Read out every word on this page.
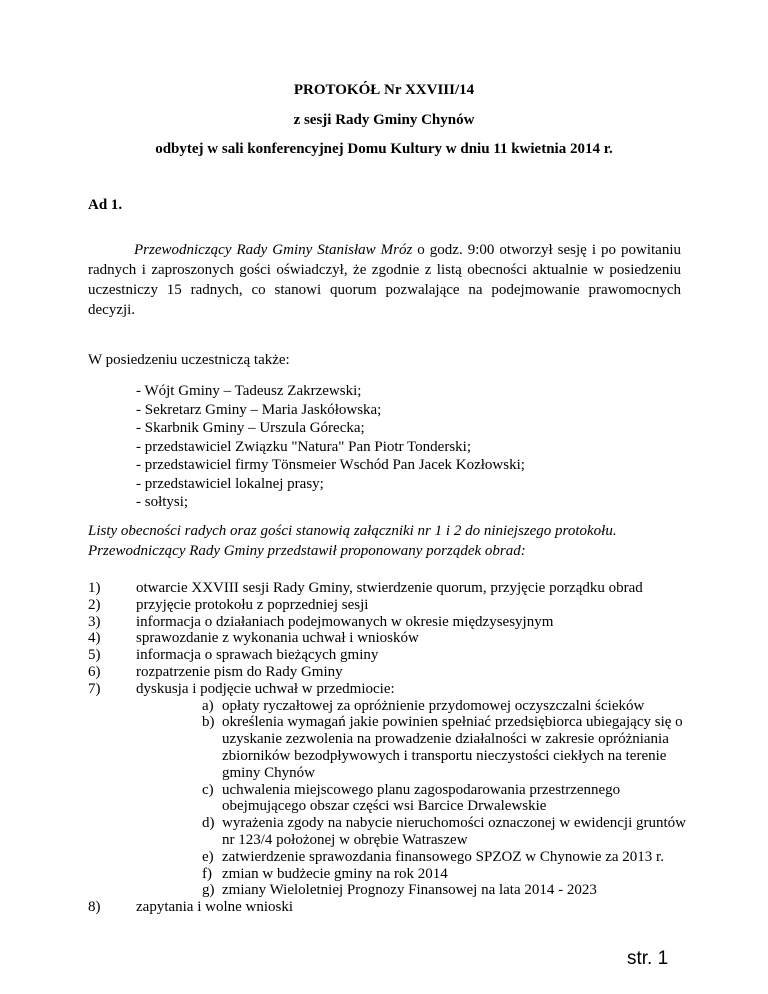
PROTOKÓŁ Nr XXVIII/14
z sesji Rady Gminy Chynów
odbytej w sali konferencyjnej Domu Kultury w dniu 11 kwietnia 2014 r.
Ad 1.

Przewodniczący Rady Gminy Stanisław Mróz o godz. 9:00 otworzył sesję i po powitaniu radnych i zaproszonych gości oświadczył, że zgodnie z listą obecności aktualnie w posiedzeniu uczestniczy 15 radnych, co stanowi quorum pozwalające na podejmowanie prawomocnych decyzji.

W posiedzeniu uczestniczą także:
- Wójt Gminy – Tadeusz Zakrzewski;
- Sekretarz Gminy – Maria Jaskółowska;
- Skarbnik Gminy – Urszula Górecka;
- przedstawiciel Związku "Natura" Pan Piotr Tonderski;
- przedstawiciel firmy Tönsmeier Wschód Pan Jacek Kozłowski;
- przedstawiciel lokalnej prasy;
- sołtysi;

Listy obecności radych oraz gości stanowią załączniki nr 1 i 2 do niniejszego protokołu.
Przewodniczący Rady Gminy przedstawił proponowany porządek obrad:

1)	otwarcie XXVIII sesji Rady Gminy, stwierdzenie quorum, przyjęcie porządku obrad
2)	przyjęcie protokołu z poprzedniej sesji
3)	informacja o działaniach podejmowanych w okresie międzysesyjnym
4)	sprawozdanie z wykonania uchwał i wniosków
5)	informacja o sprawach bieżących gminy
6)	rozpatrzenie pism do Rady Gminy
7)	dyskusja i podjęcie uchwał w przedmiocie:
a) opłaty ryczałtowej za opróżnienie przydomowej oczyszczalni ścieków
b) określenia wymagań jakie powinien spełniać przedsiębiorca ubiegający się o uzyskanie zezwolenia na prowadzenie działalności w zakresie opróżniania zbiorników bezodpływowych i transportu nieczystości ciekłych na terenie gminy Chynów
c) uchwalenia miejscowego planu zagospodarowania przestrzennego obejmującego obszar części wsi Barcice Drwalewskie
d) wyrażenia zgody na nabycie nieruchomości oznaczonej w ewidencji gruntów nr 123/4 położonej w obrębie Watraszew
e) zatwierdzenie sprawozdania finansowego SPZOZ w Chynowie za 2013 r.
f) zmian w budżecie gminy na rok 2014
g) zmiany Wieloletniej Prognozy Finansowej na lata 2014 - 2023
8)	zapytania i wolne wnioski
str. 1
